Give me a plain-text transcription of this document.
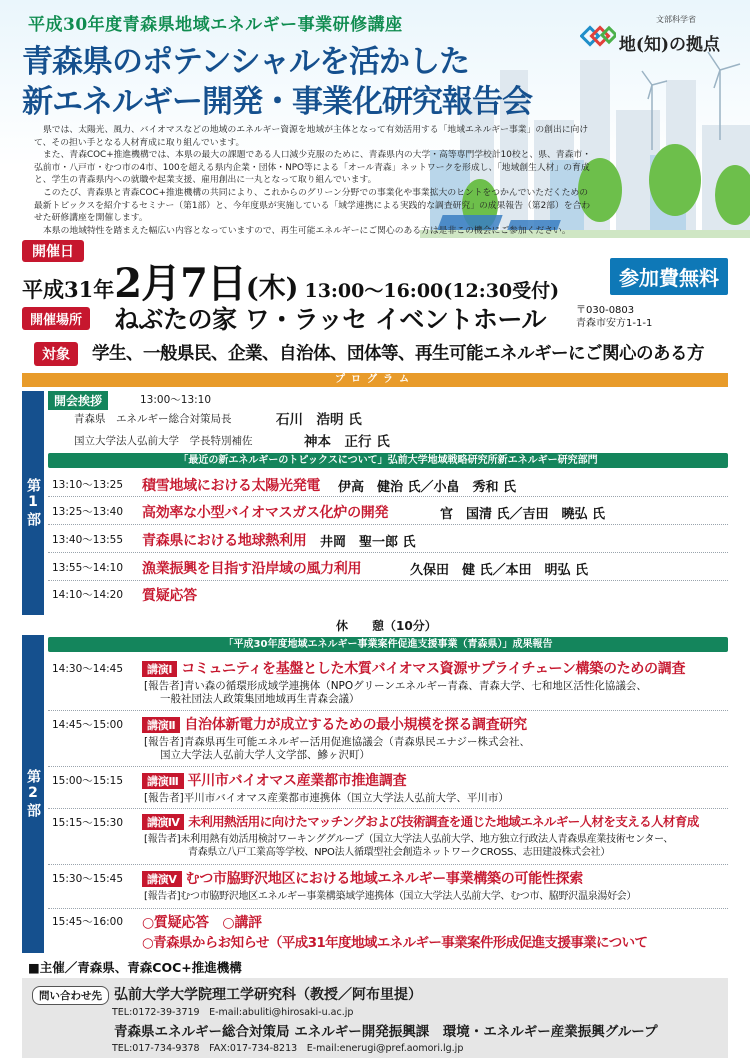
平成30年度青森県地域エネルギー事業研修講座
青森県のポテンシャルを活かした
新エネルギー開発・事業化研究報告会
文部科学省
地(知)の拠点

県では、太陽光、風力、バイオマスなどの地域のエネルギー資源を地域が主体となって有効活用する「地域エネルギー事業」の創出に向けて、その担い手となる人材育成に取り組んでいます。

また、青森COC+推進機構では、本県の最大の課題である人口減少克服のために、青森県内の大学・高等専門学校計10校と、県、青森市・弘前市・八戸市・むつ市の4市、100を超える県内企業・団体・NPO等による「オール青森」ネットワークを形成し、「地域創生人材」の育成と、学生の青森県内への就職や起業支援、雇用創出に一丸となって取り組んでいます。

このたび、青森県と青森COC+推進機構の共同により、これからのグリーン分野での事業化や事業拡大のヒントをつかんでいただくための最新トピックスを紹介するセミナー（第1部）と、今年度県が実施している「域学連携による実践的な調査研究」の成果報告（第2部）を合わせた研修講座を開催します。

本県の地域特性を踏まえた幅広い内容となっていますので、再生可能エネルギーにご関心のある方は是非この機会にご参加ください。

開催日
平成31年2月7日(木) 13:00〜16:00(12:30受付)
参加費無料
開催場所	ねぶたの家 ワ・ラッセ イベントホール	〒030-0803
青森市安方1-1-1
対象	学生、一般県民、企業、自治体、団体等、再生可能エネルギーにご関心のある方
プログラム
第1部
開会挨拶	13:00〜13:10
青森県　エネルギー総合対策局長	石川　浩明 氏
国立大学法人弘前大学　学長特別補佐	神本　正行 氏
「最近の新エネルギーのトピックスについて」弘前大学地域戦略研究所新エネルギー研究部門
13:10〜13:25 積雪地域における太陽光発電 伊高　健治 氏／小畠　秀和 氏
13:25〜13:40 高効率な小型バイオマスガス化炉の開発	官　国清 氏／吉田　曉弘 氏
13:40〜13:55 青森県における地球熱利用 井岡　聖一郎 氏
13:55〜14:10 漁業振興を目指す沿岸域の風力利用	久保田　健 氏／本田　明弘 氏
14:10〜14:20 質疑応答
休　　憩（10分）
第2部
「平成30年度地域エネルギー事業案件促進支援事業（青森県）」成果報告
14:30〜14:45	講演Ⅰ コミュニティを基盤とした木質バイオマス資源サプライチェーン構築のための調査
[報告者]青い森の循環形成域学連携体（NPOグリーンエネルギー青森、青森大学、七和地区活性化協議会、
一般社団法人政策集団地域再生青森会議）
14:45〜15:00	講演Ⅱ 自治体新電力が成立するための最小規模を探る調査研究
[報告者]青森県再生可能エネルギー活用促進協議会（青森県民エナジー株式会社、
国立大学法人弘前大学人文学部、鰺ヶ沢町）
15:00〜15:15	講演Ⅲ 平川市バイオマス産業都市推進調査
[報告者]平川市バイオマス産業都市連携体（国立大学法人弘前大学、平川市）
15:15〜15:30	講演Ⅳ 未利用熱活用に向けたマッチングおよび技術調査を通じた地域エネルギー人材を支える人材育成
[報告者]未利用熱有効活用検討ワーキンググループ（国立大学法人弘前大学、地方独立行政法人青森県産業技術センター、
青森県立八戸工業高等学校、NPO法人循環型社会創造ネットワークCROSS、志田建設株式会社）
15:30〜15:45	講演Ⅴ むつ市脇野沢地区における地域エネルギー事業構築の可能性探索
[報告者]むつ市脇野沢地区エネルギー事業構築域学連携体（国立大学法人弘前大学、むつ市、脇野沢温泉湯好会）
15:45〜16:00 ○質疑応答　○講評
○青森県からお知らせ（平成31年度地域エネルギー事業案件形成促進支援事業について
■主催／青森県、青森COC+推進機構
問い合わせ先 弘前大学大学院理工学研究科（教授／阿布里提）
TEL:0172-39-3719　E-mail:abuliti@hirosaki-u.ac.jp
青森県エネルギー総合対策局 エネルギー開発振興課　環境・エネルギー産業振興グループ
TEL:017-734-9378　FAX:017-734-8213　E-mail:enerugi@pref.aomori.lg.jp
